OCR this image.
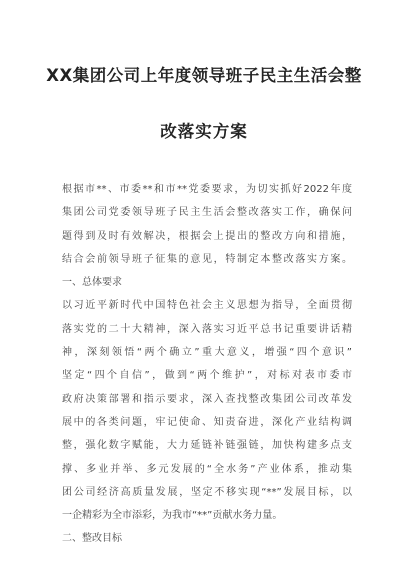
XX集团公司上年度领导班子民主生活会整
改落实方案
根据市**、市委**和市**党委要求，为切实抓好2022年度
集团公司党委领导班子民主生活会整改落实工作，确保问
题得到及时有效解决，根据会上提出的整改方向和措施，
结合会前领导班子征集的意见，特制定本整改落实方案。
一、总体要求
以习近平新时代中国特色社会主义思想为指导，全面贯彻
落实党的二十大精神，深入落实习近平总书记重要讲话精
神，深刻领悟“两个确立”重大意义，增强“四个意识”
坚定“四个自信”，做到“两个维护”，对标对表市委市
政府决策部署和指示要求，深入查找整改集团公司改革发
展中的各类问题，牢记使命、知责奋进，深化产业结构调
整，强化数字赋能，大力延链补链强链，加快构建多点支
撑、多业并举、多元发展的“全水务”产业体系，推动集
团公司经济高质量发展，坚定不移实现“**”发展目标，以
一企精彩为全市添彩，为我市“**”贡献水务力量。
二、整改目标
